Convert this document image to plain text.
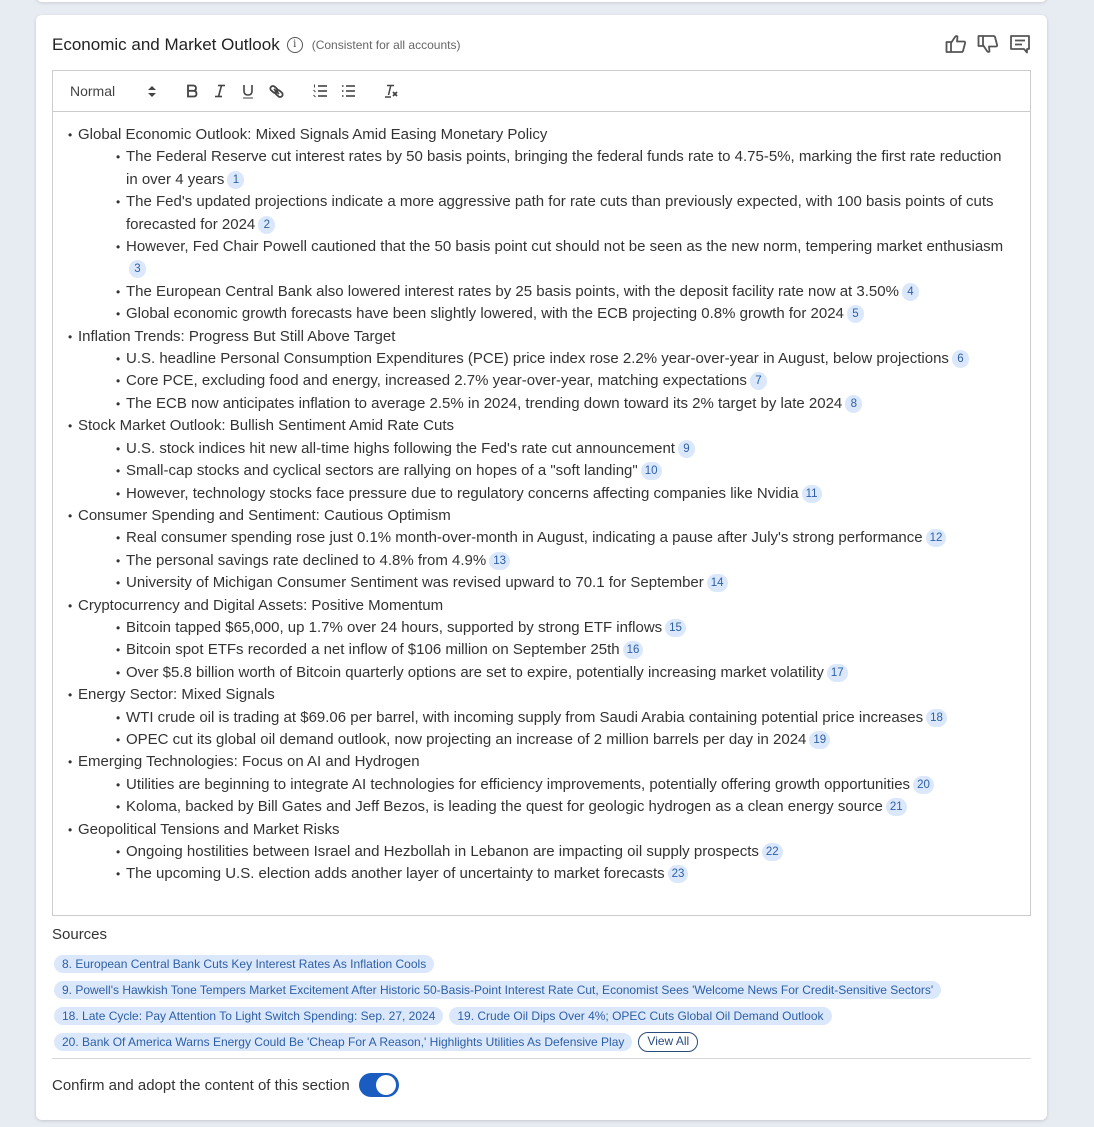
Economic and Market Outlook	i	(Consistent for all accounts)
Normal
• Global Economic Outlook: Mixed Signals Amid Easing Monetary Policy
• The Federal Reserve cut interest rates by 50 basis points, bringing the federal funds rate to 4.75-5%, marking the first rate reduction in over 4 years 1
• The Fed's updated projections indicate a more aggressive path for rate cuts than previously expected, with 100 basis points of cuts forecasted for 2024 2
• However, Fed Chair Powell cautioned that the 50 basis point cut should not be seen as the new norm, tempering market enthusiasm3
• The European Central Bank also lowered interest rates by 25 basis points, with the deposit facility rate now at 3.50% 4
• Global economic growth forecasts have been slightly lowered, with the ECB projecting 0.8% growth for 2024 5
• Inflation Trends: Progress But Still Above Target
• U.S. headline Personal Consumption Expenditures (PCE) price index rose 2.2% year-over-year in August, below projections 6
• Core PCE, excluding food and energy, increased 2.7% year-over-year, matching expectations 7
• The ECB now anticipates inflation to average 2.5% in 2024, trending down toward its 2% target by late 2024 8
• Stock Market Outlook: Bullish Sentiment Amid Rate Cuts
• U.S. stock indices hit new all-time highs following the Fed's rate cut announcement 9
• Small-cap stocks and cyclical sectors are rallying on hopes of a "soft landing" 10
• However, technology stocks face pressure due to regulatory concerns affecting companies like Nvidia 11
• Consumer Spending and Sentiment: Cautious Optimism
• Real consumer spending rose just 0.1% month-over-month in August, indicating a pause after July's strong performance 12
• The personal savings rate declined to 4.8% from 4.9% 13
• University of Michigan Consumer Sentiment was revised upward to 70.1 for September 14
• Cryptocurrency and Digital Assets: Positive Momentum
• Bitcoin tapped $65,000, up 1.7% over 24 hours, supported by strong ETF inflows 15
• Bitcoin spot ETFs recorded a net inflow of $106 million on September 25th 16
• Over $5.8 billion worth of Bitcoin quarterly options are set to expire, potentially increasing market volatility 17
• Energy Sector: Mixed Signals
• WTI crude oil is trading at $69.06 per barrel, with incoming supply from Saudi Arabia containing potential price increases 18
• OPEC cut its global oil demand outlook, now projecting an increase of 2 million barrels per day in 2024 19
• Emerging Technologies: Focus on AI and Hydrogen
• Utilities are beginning to integrate AI technologies for efficiency improvements, potentially offering growth opportunities 20
• Koloma, backed by Bill Gates and Jeff Bezos, is leading the quest for geologic hydrogen as a clean energy source 21
• Geopolitical Tensions and Market Risks
• Ongoing hostilities between Israel and Hezbollah in Lebanon are impacting oil supply prospects 22
• The upcoming U.S. election adds another layer of uncertainty to market forecasts 23
Sources
8. European Central Bank Cuts Key Interest Rates As Inflation Cools
9. Powell's Hawkish Tone Tempers Market Excitement After Historic 50-Basis-Point Interest Rate Cut, Economist Sees 'Welcome News For Credit-Sensitive Sectors'
18. Late Cycle: Pay Attention To Light Switch Spending: Sep. 27, 2024	19. Crude Oil Dips Over 4%; OPEC Cuts Global Oil Demand Outlook
20. Bank Of America Warns Energy Could Be 'Cheap For A Reason,' Highlights Utilities As Defensive Play	View All
Confirm and adopt the content of this section
